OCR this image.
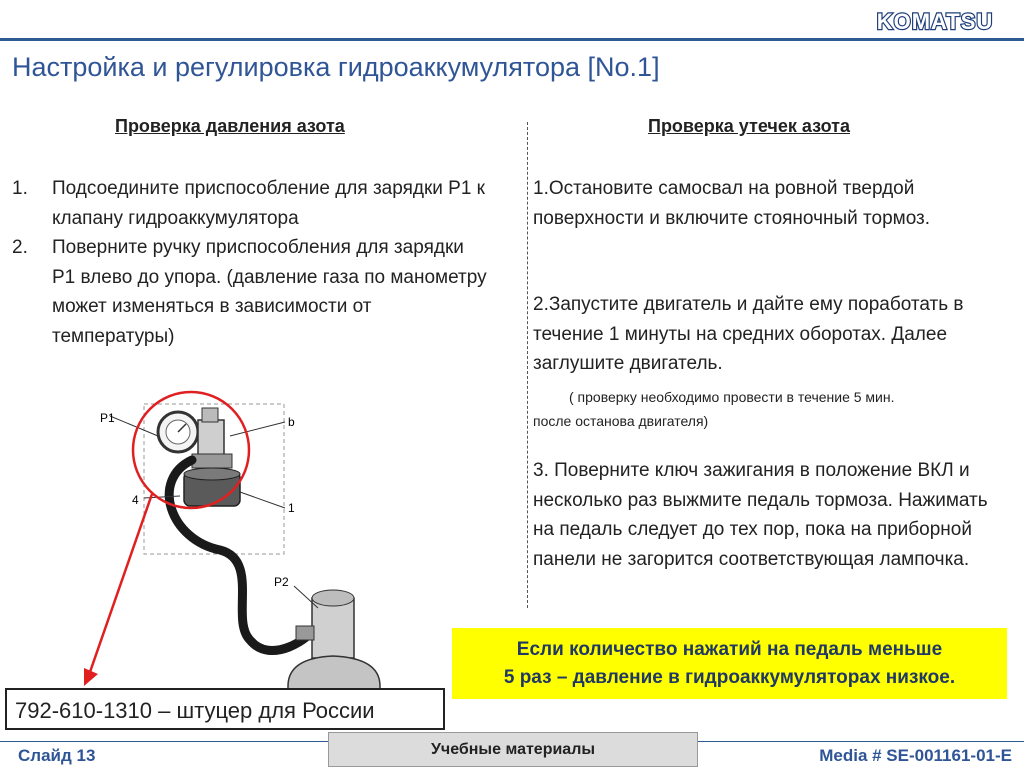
KOMATSU
Настройка и регулировка гидроаккумулятора [No.1]
Проверка давления азота	Проверка утечек азота
1.	Подсоедините приспособление для зарядки P1 к клапану гидроаккумулятора
2.	Поверните ручку приспособления для зарядки P1 влево до упора. (давление газа по манометру может изменяться в зависимости от температуры)
1.Остановите самосвал на ровной твердой поверхности и включите стояночный тормоз.
2.Запустите двигатель и дайте ему поработать в течение 1 минуты на средних оборотах. Далее заглушите двигатель.
( проверку необходимо провести в течение 5 мин.
после останова двигателя)
3. Поверните ключ зажигания в положение ВКЛ и несколько раз выжмите педаль тормоза. Нажимать на педаль следует до тех пор, пока на приборной панели не загорится соответствующая лампочка.
P1	b
4
1
P2
Если количество нажатий на педаль меньше
5 раз – давление в гидроаккумуляторах низкое.
792-610-1310 – штуцер для России
Слайд 13	Учебные материалы	Media # SE-001161-01-E
